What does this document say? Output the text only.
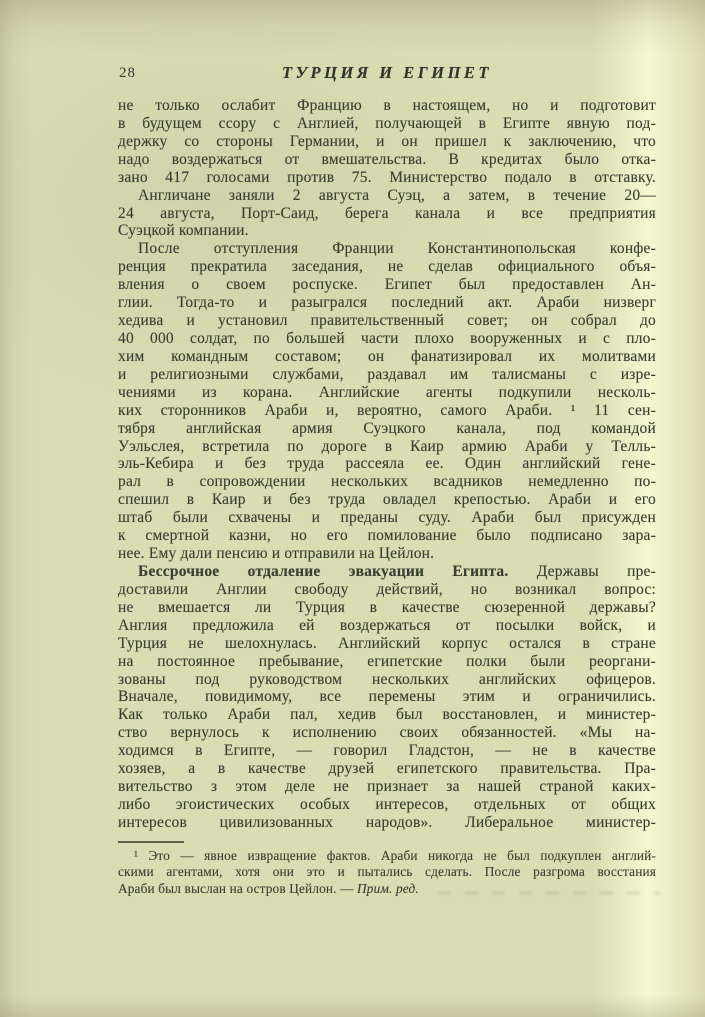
28	ТУРЦИЯ И ЕГИПЕТ
не только ослабит Францию в настоящем, но и подготовит
в будущем ссору с Англией, получающей в Египте явную под-
держку со стороны Германии, и он пришел к заключению, что
надо воздержаться от вмешательства. В кредитах было отка-
зано 417 голосами против 75. Министерство подало в отставку.
Англичане заняли 2 августа Суэц, а затем, в течение 20—
24 августа, Порт-Саид, берега канала и все предприятия
Суэцкой компании.
После отступления Франции Константинопольская конфе-
ренция прекратила заседания, не сделав официального объя-
вления о своем роспуске. Египет был предоставлен Ан-
глии. Тогда-то и разыгрался последний акт. Араби низверг
хедива и установил правительственный совет; он собрал до
40 000 солдат, по большей части плохо вооруженных и с пло-
хим командным составом; он фанатизировал их молитвами
и религиозными службами, раздавал им талисманы с изре-
чениями из корана. Английские агенты подкупили несколь-
ких сторонников Араби и, вероятно, самого Араби. ¹ 11 сен-
тября английская армия Суэцкого канала, под командой
Уэльслея, встретила по дороге в Каир армию Араби у Телль-
эль-Кебира и без труда рассеяла ее. Один английский гене-
рал в сопровождении нескольких всадников немедленно по-
спешил в Каир и без труда овладел крепостью. Араби и его
штаб были схвачены и преданы суду. Араби был присужден
к смертной казни, но его помилование было подписано зара-
нее. Ему дали пенсию и отправили на Цейлон.
Бессрочное отдаление эвакуации Египта. Державы пре-
доставили Англии свободу действий, но возникал вопрос:
не вмешается ли Турция в качестве сюзеренной державы?
Англия предложила ей воздержаться от посылки войск, и
Турция не шелохнулась. Английский корпус остался в стране
на постоянное пребывание, египетские полки были реоргани-
зованы под руководством нескольких английских офицеров.
Вначале, повидимому, все перемены этим и ограничились.
Как только Араби пал, хедив был восстановлен, и министер-
ство вернулось к исполнению своих обязанностей. «Мы на-
ходимся в Египте, — говорил Гладстон, — не в качестве
хозяев, а в качестве друзей египетского правительства. Пра-
вительство з этом деле не признает за нашей страной каких-
либо эгоистических особых интересов, отдельных от общих
интересов цивилизованных народов». Либеральное министер-
¹ Это — явное извращение фактов. Араби никогда не был подкуплен англий-
скими агентами, хотя они это и пытались сделать. После разгрома восстания
Араби был выслан на остров Цейлон. — Прим. ред.
